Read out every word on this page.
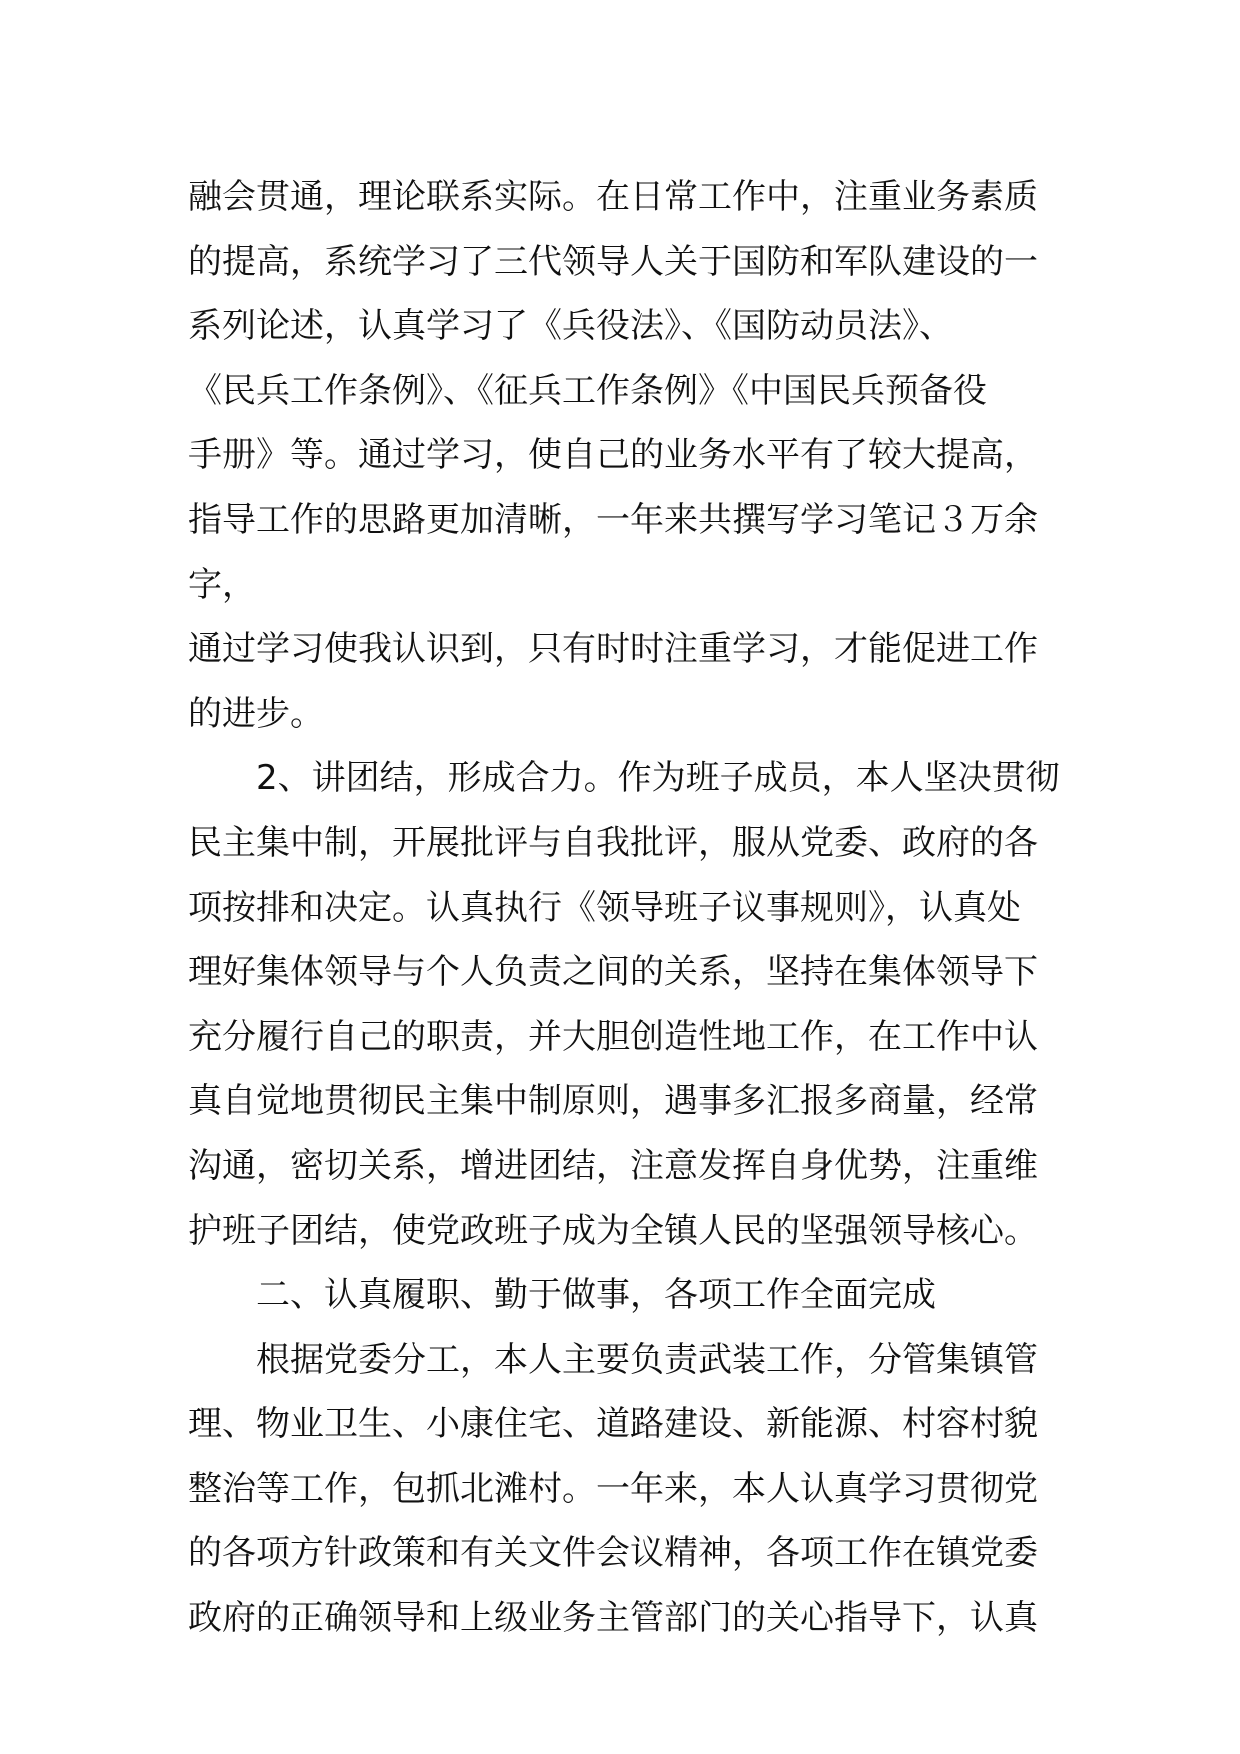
融会贯通，理论联系实际。在日常工作中，注重业务素质
的提高，系统学习了三代领导人关于国防和军队建设的一
系列论述，认真学习了《兵役法》、《国防动员法》、
《民兵工作条例》、《征兵工作条例》《中国民兵预备役
手册》等。通过学习，使自己的业务水平有了较大提高，
指导工作的思路更加清晰，一年来共撰写学习笔记３万余字，
通过学习使我认识到，只有时时注重学习，才能促进工作
的进步。

　　2、讲团结，形成合力。作为班子成员，本人坚决贯彻
民主集中制，开展批评与自我批评，服从党委、政府的各
项按排和决定。认真执行《领导班子议事规则》，认真处
理好集体领导与个人负责之间的关系，坚持在集体领导下
充分履行自己的职责，并大胆创造性地工作，在工作中认
真自觉地贯彻民主集中制原则，遇事多汇报多商量，经常
沟通，密切关系，增进团结，注意发挥自身优势，注重维
护班子团结，使党政班子成为全镇人民的坚强领导核心。

　　二、认真履职、勤于做事，各项工作全面完成

　　根据党委分工，本人主要负责武装工作，分管集镇管
理、物业卫生、小康住宅、道路建设、新能源、村容村貌
整治等工作，包抓北滩村。一年来，本人认真学习贯彻党
的各项方针政策和有关文件会议精神，各项工作在镇党委
政府的正确领导和上级业务主管部门的关心指导下，认真
